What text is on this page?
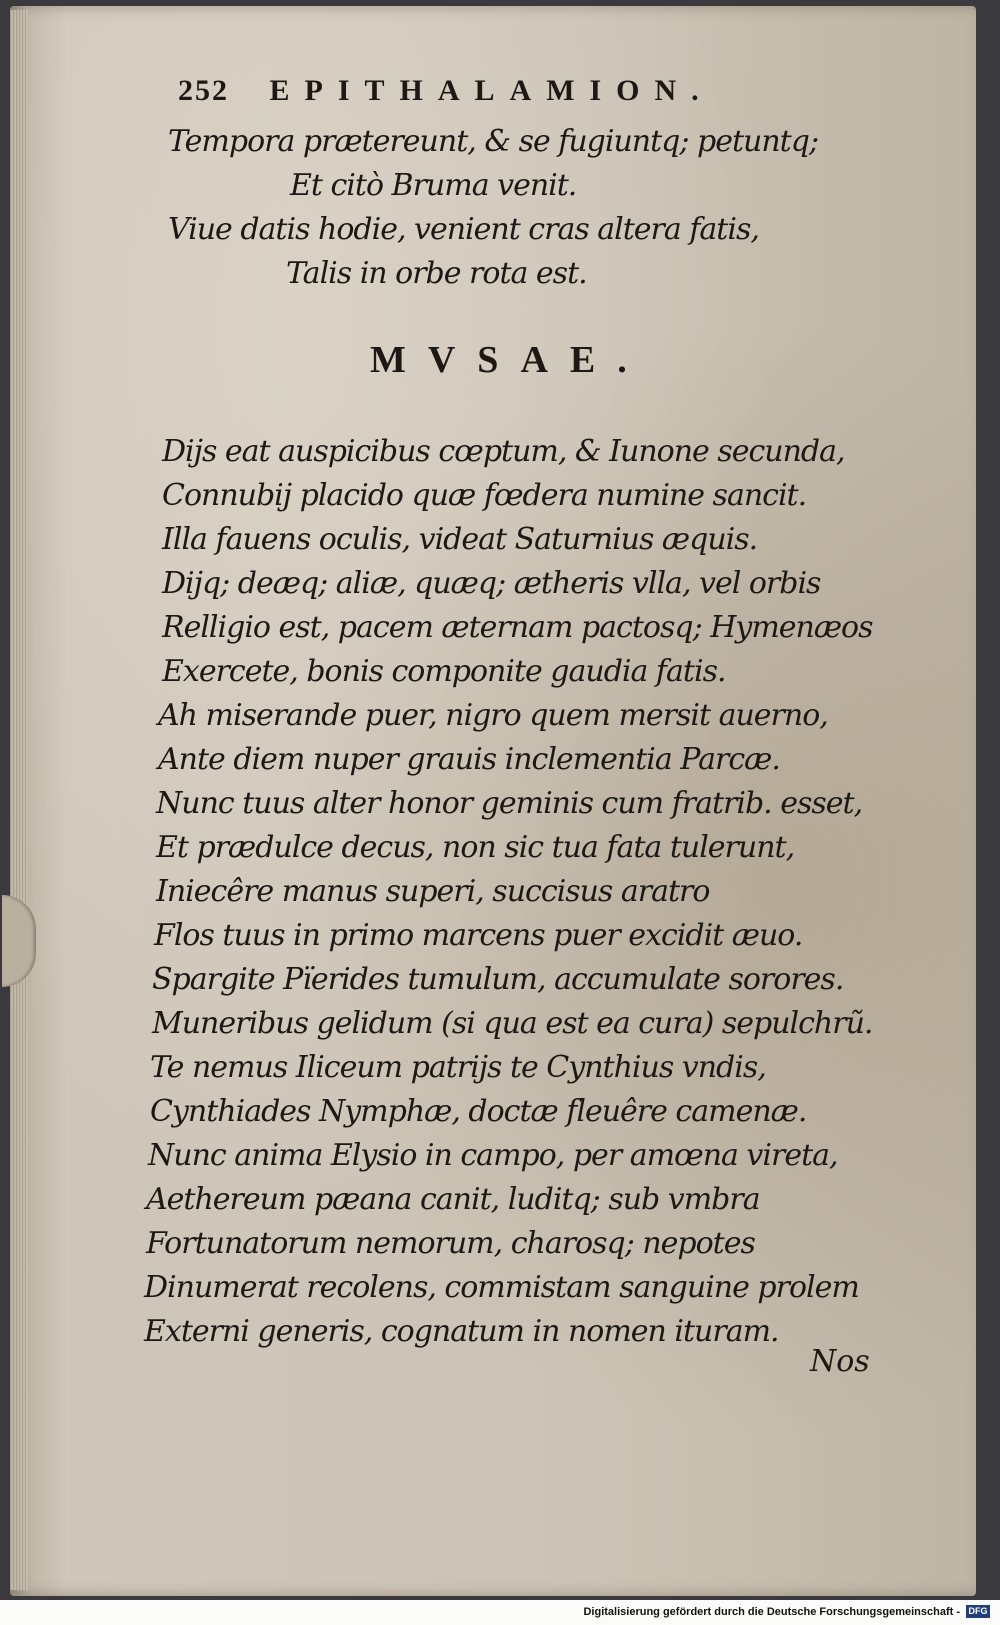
252 EPITHALAMION.
Tempora prætereunt, & se fugiuntq; petuntq;
Et citò Bruma venit.
Viue datis hodie, venient cras altera fatis,
Talis in orbe rota est.
MVSAE.
Dijs eat auspicibus cœptum, & Iunone secunda,
Connubij placido quæ fœdera numine sancit.
Illa fauens oculis, videat Saturnius æquis.
Dijq; deæq; aliæ, quæq; ætheris vlla, vel orbis
Relligio est, pacem æternam pactosq; Hymenæos
Exercete, bonis componite gaudia fatis.
Ah miserande puer, nigro quem mersit auerno,
Ante diem nuper grauis inclementia Parcæ.
Nunc tuus alter honor geminis cum fratrib. esset,
Et prædulce decus, non sic tua fata tulerunt,
Iniecêre manus superi, succisus aratro
Flos tuus in primo marcens puer excidit æuo.
Spargite Pïerides tumulum, accumulate sorores.
Muneribus gelidum (si qua est ea cura) sepulchrũ.
Te nemus Iliceum patrijs te Cynthius vndis,
Cynthiades Nymphæ, doctæ fleuêre camenæ.
Nunc anima Elysio in campo, per amœna vireta,
Aethereum pæana canit, luditq; sub vmbra
Fortunatorum nemorum, charosq; nepotes
Dinumerat recolens, commistam sanguine prolem
Externi generis, cognatum in nomen ituram.
Nos
Digitalisierung gefördert durch die Deutsche Forschungsgemeinschaft - DFG
